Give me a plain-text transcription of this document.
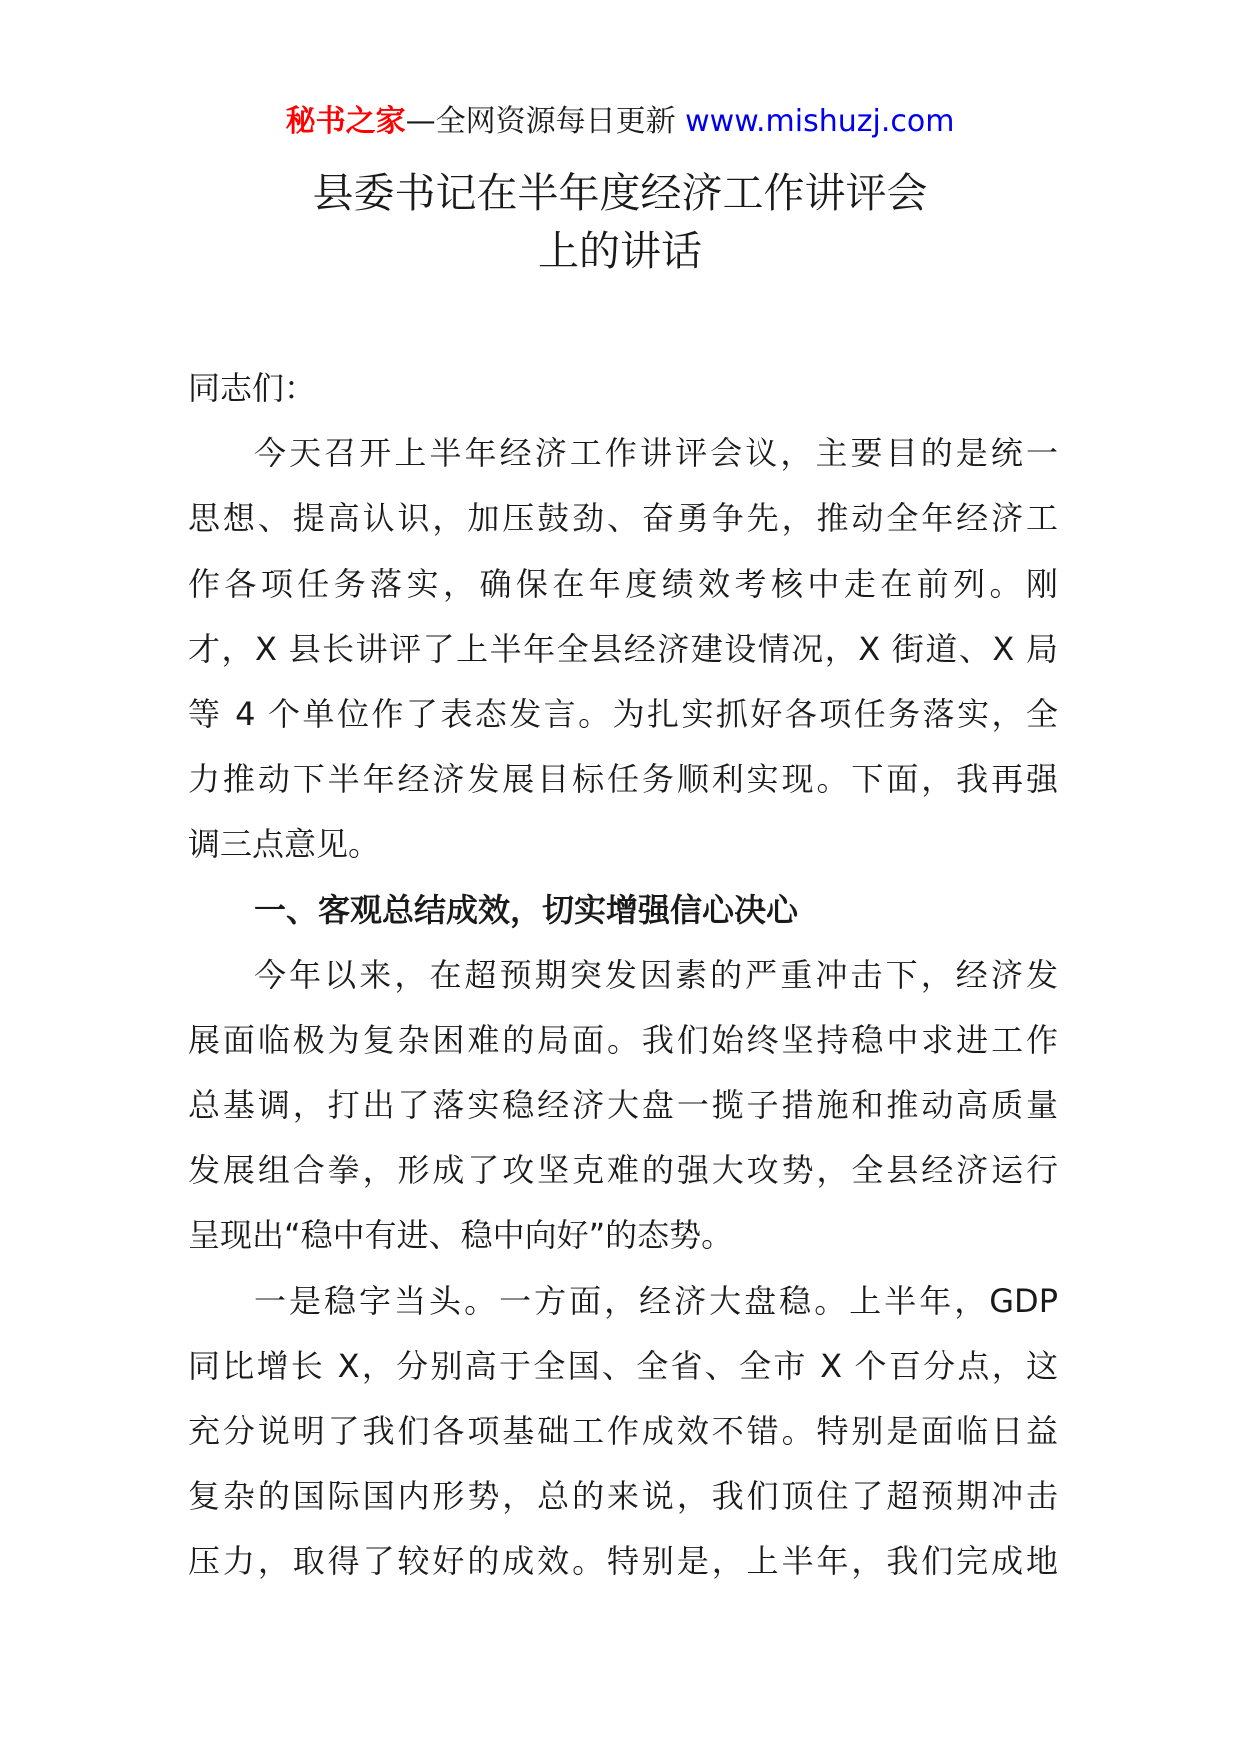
秘书之家—全网资源每日更新 www.mishuzj.com
县委书记在半年度经济工作讲评会
上的讲话
同志们：
今天召开上半年经济工作讲评会议，主要目的是统一
思想、提高认识，加压鼓劲、奋勇争先，推动全年经济工
作各项任务落实，确保在年度绩效考核中走在前列。刚
才，X 县长讲评了上半年全县经济建设情况，X 街道、X 局
等 4 个单位作了表态发言。为扎实抓好各项任务落实，全
力推动下半年经济发展目标任务顺利实现。下面，我再强
调三点意见。
一、客观总结成效，切实增强信心决心
今年以来，在超预期突发因素的严重冲击下，经济发
展面临极为复杂困难的局面。我们始终坚持稳中求进工作
总基调，打出了落实稳经济大盘一揽子措施和推动高质量
发展组合拳，形成了攻坚克难的强大攻势，全县经济运行
呈现出“稳中有进、稳中向好”的态势。
一是稳字当头。一方面，经济大盘稳。上半年，GDP
同比增长 X，分别高于全国、全省、全市 X 个百分点，这
充分说明了我们各项基础工作成效不错。特别是面临日益
复杂的国际国内形势，总的来说，我们顶住了超预期冲击
压力，取得了较好的成效。特别是，上半年，我们完成地
